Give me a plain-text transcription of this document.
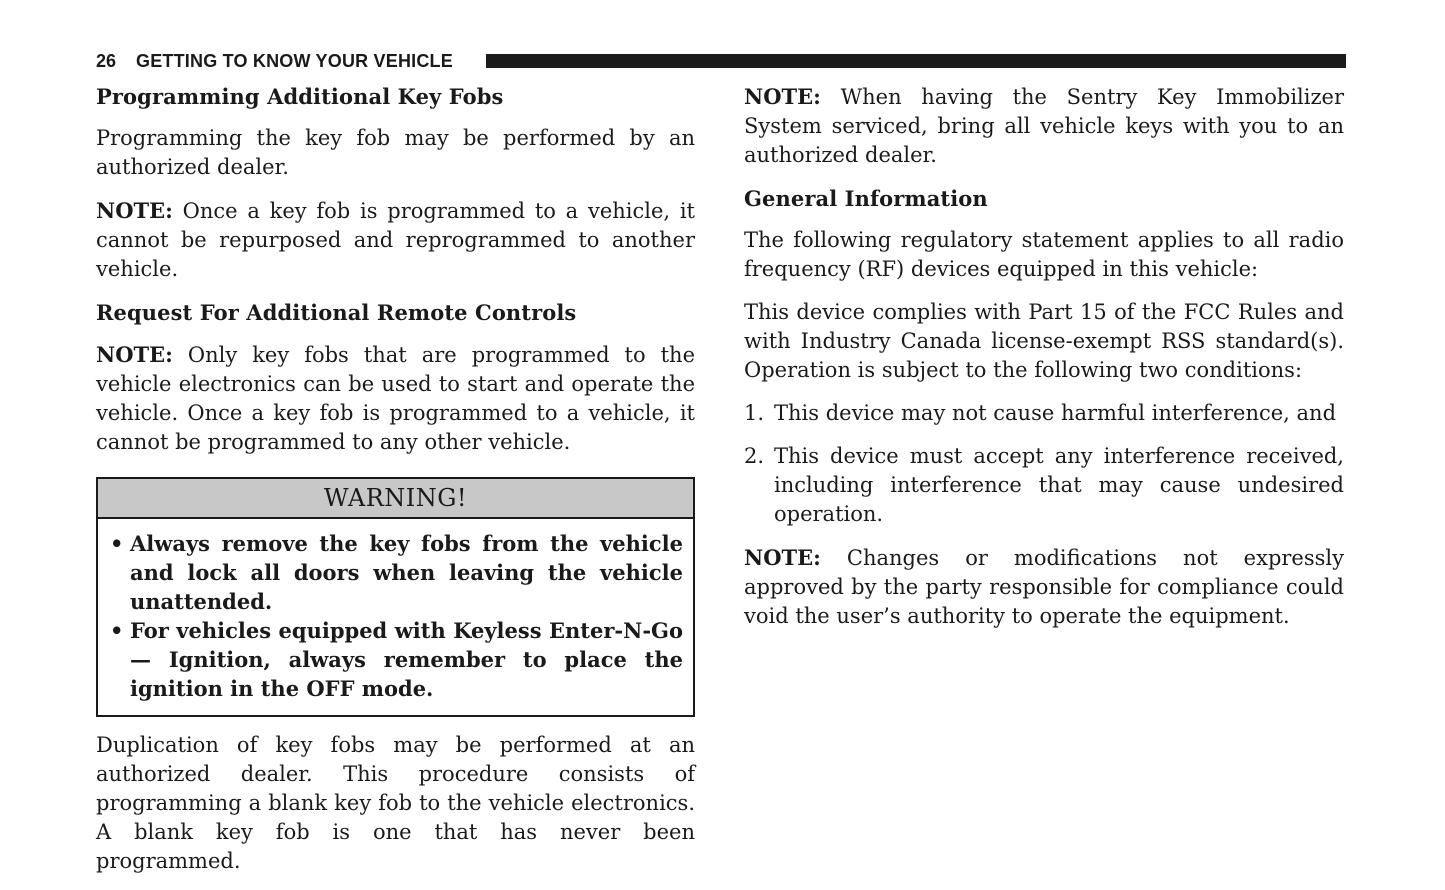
26 GETTING TO KNOW YOUR VEHICLE
Programming Additional Key Fobs

Programming the key fob may be performed by an authorized dealer.

NOTE: Once a key fob is programmed to a vehicle, it cannot be repurposed and reprogrammed to another vehicle.

Request For Additional Remote Controls

NOTE: Only key fobs that are programmed to the vehicle electronics can be used to start and operate the vehicle. Once a key fob is programmed to a vehicle, it cannot be programmed to any other vehicle.

WARNING!
• Always remove the key fobs from the vehicle and lock all doors when leaving the vehicle unattended.
• For vehicles equipped with Keyless Enter-N-Go — Ignition, always remember to place the ignition in the OFF mode.

Duplication of key fobs may be performed at an authorized dealer. This procedure consists of programming a blank key fob to the vehicle electronics. A blank key fob is one that has never been programmed.

NOTE: When having the Sentry Key Immobilizer System serviced, bring all vehicle keys with you to an authorized dealer.

General Information

The following regulatory statement applies to all radio frequency (RF) devices equipped in this vehicle:

This device complies with Part 15 of the FCC Rules and with Industry Canada license-exempt RSS standard(s). Operation is subject to the following two conditions:

1. This device may not cause harmful interference, and
2. This device must accept any interference received, including interference that may cause undesired operation.

NOTE: Changes or modifications not expressly approved by the party responsible for compliance could void the user’s authority to operate the equipment.
